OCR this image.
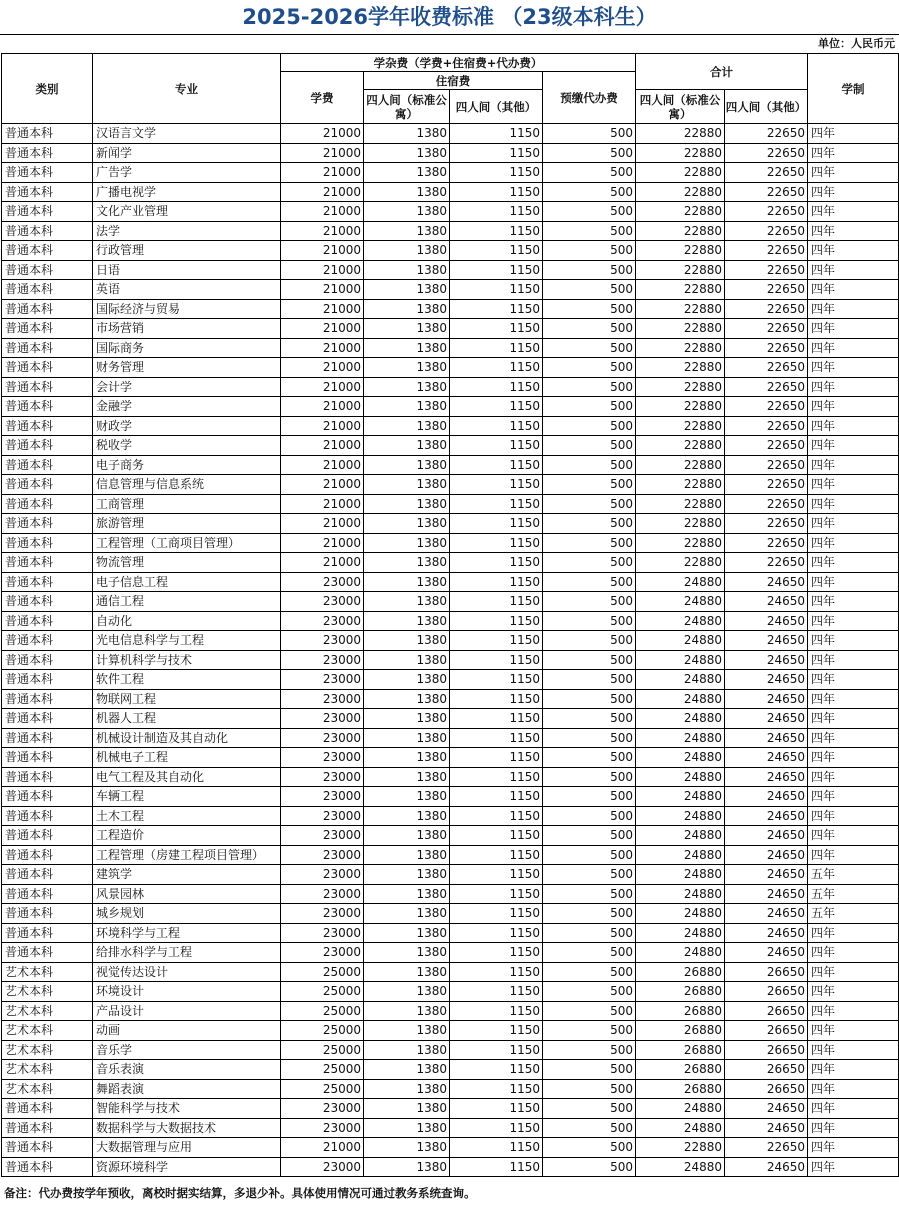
2025-2026学年收费标准 （23级本科生）
单位：人民币元
类别	专业	学杂费（学费+住宿费+代办费）				合计		学制
		学费	住宿费		预缴代办费			
			四人间（标准公寓）	四人间（其他）		四人间（标准公寓）	四人间（其他）	
普通本科	汉语言文学	21000	1380	1150	500	22880	22650	四年
普通本科	新闻学	21000	1380	1150	500	22880	22650	四年
普通本科	广告学	21000	1380	1150	500	22880	22650	四年
普通本科	广播电视学	21000	1380	1150	500	22880	22650	四年
普通本科	文化产业管理	21000	1380	1150	500	22880	22650	四年
普通本科	法学	21000	1380	1150	500	22880	22650	四年
普通本科	行政管理	21000	1380	1150	500	22880	22650	四年
普通本科	日语	21000	1380	1150	500	22880	22650	四年
普通本科	英语	21000	1380	1150	500	22880	22650	四年
普通本科	国际经济与贸易	21000	1380	1150	500	22880	22650	四年
普通本科	市场营销	21000	1380	1150	500	22880	22650	四年
普通本科	国际商务	21000	1380	1150	500	22880	22650	四年
普通本科	财务管理	21000	1380	1150	500	22880	22650	四年
普通本科	会计学	21000	1380	1150	500	22880	22650	四年
普通本科	金融学	21000	1380	1150	500	22880	22650	四年
普通本科	财政学	21000	1380	1150	500	22880	22650	四年
普通本科	税收学	21000	1380	1150	500	22880	22650	四年
普通本科	电子商务	21000	1380	1150	500	22880	22650	四年
普通本科	信息管理与信息系统	21000	1380	1150	500	22880	22650	四年
普通本科	工商管理	21000	1380	1150	500	22880	22650	四年
普通本科	旅游管理	21000	1380	1150	500	22880	22650	四年
普通本科	工程管理（工商项目管理）	21000	1380	1150	500	22880	22650	四年
普通本科	物流管理	21000	1380	1150	500	22880	22650	四年
普通本科	电子信息工程	23000	1380	1150	500	24880	24650	四年
普通本科	通信工程	23000	1380	1150	500	24880	24650	四年
普通本科	自动化	23000	1380	1150	500	24880	24650	四年
普通本科	光电信息科学与工程	23000	1380	1150	500	24880	24650	四年
普通本科	计算机科学与技术	23000	1380	1150	500	24880	24650	四年
普通本科	软件工程	23000	1380	1150	500	24880	24650	四年
普通本科	物联网工程	23000	1380	1150	500	24880	24650	四年
普通本科	机器人工程	23000	1380	1150	500	24880	24650	四年
普通本科	机械设计制造及其自动化	23000	1380	1150	500	24880	24650	四年
普通本科	机械电子工程	23000	1380	1150	500	24880	24650	四年
普通本科	电气工程及其自动化	23000	1380	1150	500	24880	24650	四年
普通本科	车辆工程	23000	1380	1150	500	24880	24650	四年
普通本科	土木工程	23000	1380	1150	500	24880	24650	四年
普通本科	工程造价	23000	1380	1150	500	24880	24650	四年
普通本科	工程管理（房建工程项目管理）	23000	1380	1150	500	24880	24650	四年
普通本科	建筑学	23000	1380	1150	500	24880	24650	五年
普通本科	风景园林	23000	1380	1150	500	24880	24650	五年
普通本科	城乡规划	23000	1380	1150	500	24880	24650	五年
普通本科	环境科学与工程	23000	1380	1150	500	24880	24650	四年
普通本科	给排水科学与工程	23000	1380	1150	500	24880	24650	四年
艺术本科	视觉传达设计	25000	1380	1150	500	26880	26650	四年
艺术本科	环境设计	25000	1380	1150	500	26880	26650	四年
艺术本科	产品设计	25000	1380	1150	500	26880	26650	四年
艺术本科	动画	25000	1380	1150	500	26880	26650	四年
艺术本科	音乐学	25000	1380	1150	500	26880	26650	四年
艺术本科	音乐表演	25000	1380	1150	500	26880	26650	四年
艺术本科	舞蹈表演	25000	1380	1150	500	26880	26650	四年
普通本科	智能科学与技术	23000	1380	1150	500	24880	24650	四年
普通本科	数据科学与大数据技术	23000	1380	1150	500	24880	24650	四年
普通本科	大数据管理与应用	21000	1380	1150	500	22880	22650	四年
普通本科	资源环境科学	23000	1380	1150	500	24880	24650	四年
备注：代办费按学年预收，离校时据实结算，多退少补。具体使用情况可通过教务系统查询。
